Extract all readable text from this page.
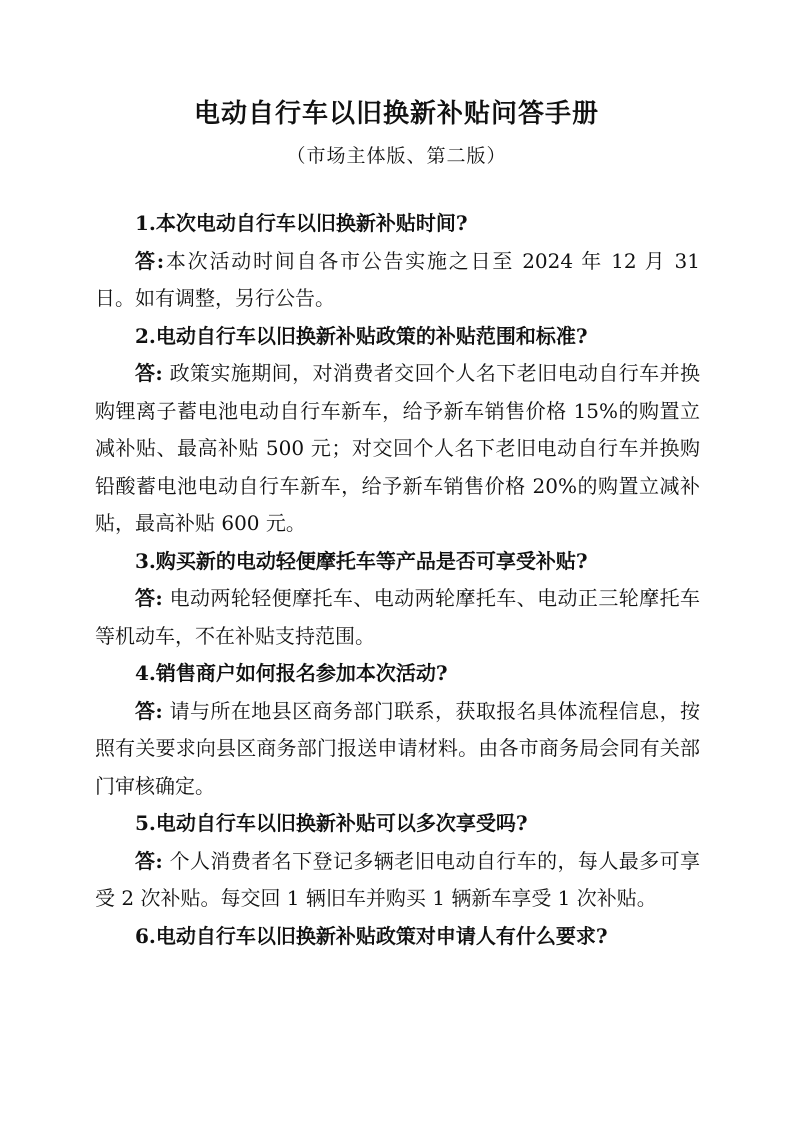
电动自行车以旧换新补贴问答手册
（市场主体版、第二版）

1.本次电动自行车以旧换新补贴时间?

答:本次活动时间自各市公告实施之日至 2024 年 12 月 31 日。如有调整，另行公告。

2.电动自行车以旧换新补贴政策的补贴范围和标准?

答: 政策实施期间，对消费者交回个人名下老旧电动自行车并换购锂离子蓄电池电动自行车新车，给予新车销售价格 15%的购置立减补贴、最高补贴 500 元；对交回个人名下老旧电动自行车并换购铅酸蓄电池电动自行车新车，给予新车销售价格 20%的购置立减补贴，最高补贴 600 元。

3.购买新的电动轻便摩托车等产品是否可享受补贴?

答: 电动两轮轻便摩托车、电动两轮摩托车、电动正三轮摩托车等机动车，不在补贴支持范围。

4.销售商户如何报名参加本次活动?

答: 请与所在地县区商务部门联系，获取报名具体流程信息，按照有关要求向县区商务部门报送申请材料。由各市商务局会同有关部门审核确定。

5.电动自行车以旧换新补贴可以多次享受吗?

答: 个人消费者名下登记多辆老旧电动自行车的，每人最多可享受 2 次补贴。每交回 1 辆旧车并购买 1 辆新车享受 1 次补贴。

6.电动自行车以旧换新补贴政策对申请人有什么要求?
